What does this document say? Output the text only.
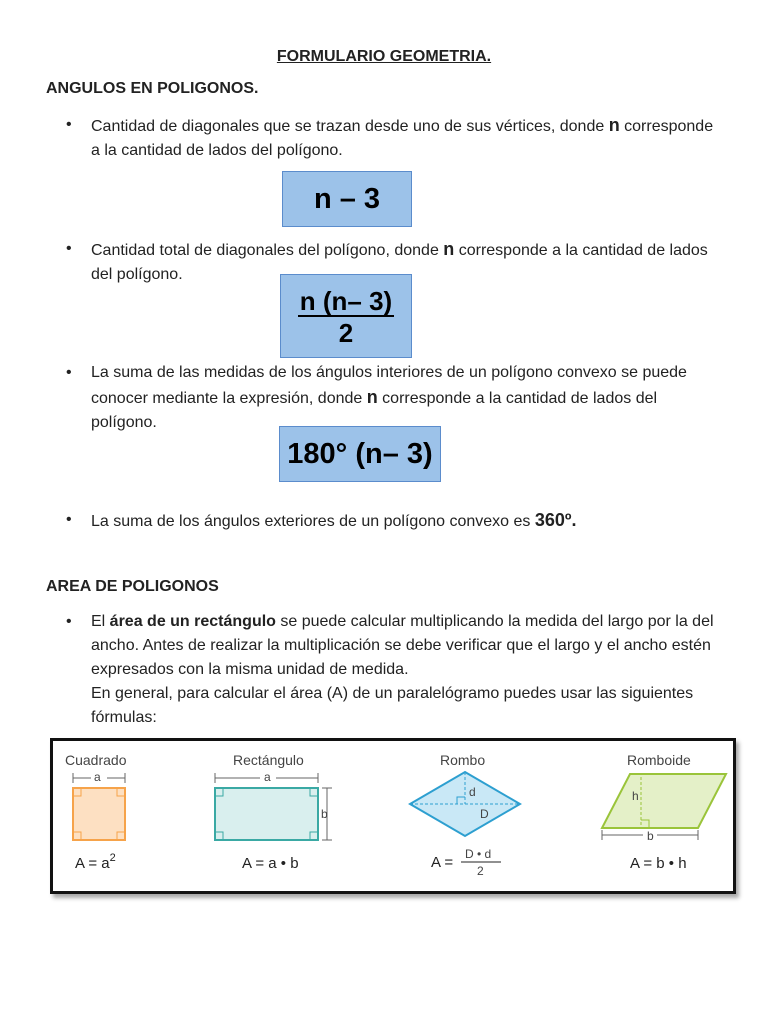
FORMULARIO GEOMETRIA.
ANGULOS EN POLIGONOS.
• Cantidad de diagonales que se trazan desde uno de sus vértices, donde n corresponde a la cantidad de lados del polígono.
n – 3
• Cantidad total de diagonales del polígono, donde n corresponde a la cantidad de lados del polígono.	$\frac{n (n- 3)}{2}$
• La suma de las medidas de los ángulos interiores de un polígono convexo se puede conocer mediante la expresión, donde n corresponde a la cantidad de lados del polígono.
180° (n– 3)
• La suma de los ángulos exteriores de un polígono convexo es 360º.
AREA DE POLIGONOS
• El área de un rectángulo se puede calcular multiplicando la medida del largo por la del ancho. Antes de realizar la multiplicación se debe verificar que el largo y el ancho estén expresados con la misma unidad de medida.
En general, para calcular el área (A) de un paralelógramo puedes usar las siguientes fórmulas:
Cuadrado
a
$A = a^2$
Rectángulo
a
b
A = a • b
Rombo
d
D
A = D • d
2
Romboide
h
b
A = b • h
